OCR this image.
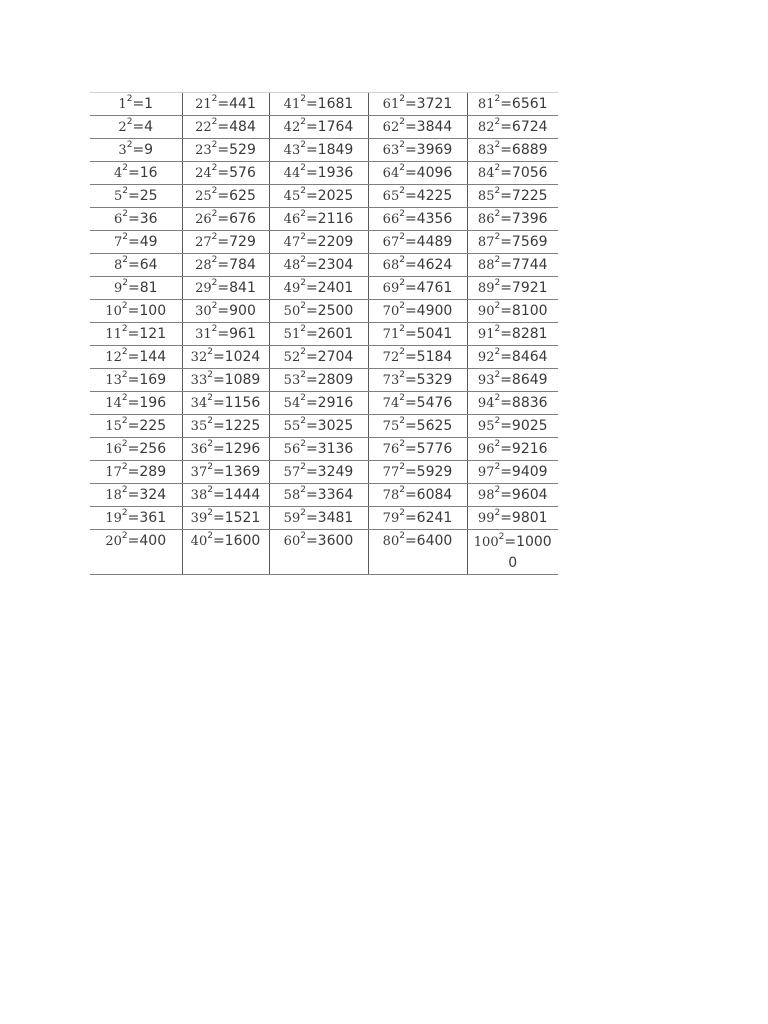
$1^2=1$	$21^2=441$	$41^2=1681$	$61^2=3721$	$81^2=6561$
$2^2=4$	$22^2=484$	$42^2=1764$	$62^2=3844$	$82^2=6724$
$3^2=9$	$23^2=529$	$43^2=1849$	$63^2=3969$	$83^2=6889$
$4^2=16$	$24^2=576$	$44^2=1936$	$64^2=4096$	$84^2=7056$
$5^2=25$	$25^2=625$	$45^2=2025$	$65^2=4225$	$85^2=7225$
$6^2=36$	$26^2=676$	$46^2=2116$	$66^2=4356$	$86^2=7396$
$7^2=49$	$27^2=729$	$47^2=2209$	$67^2=4489$	$87^2=7569$
$8^2=64$	$28^2=784$	$48^2=2304$	$68^2=4624$	$88^2=7744$
$9^2=81$	$29^2=841$	$49^2=2401$	$69^2=4761$	$89^2=7921$
$10^2=100$	$30^2=900$	$50^2=2500$	$70^2=4900$	$90^2=8100$
$11^2=121$	$31^2=961$	$51^2=2601$	$71^2=5041$	$91^2=8281$
$12^2=144$	$32^2=1024$	$52^2=2704$	$72^2=5184$	$92^2=8464$
$13^2=169$	$33^2=1089$	$53^2=2809$	$73^2=5329$	$93^2=8649$
$14^2=196$	$34^2=1156$	$54^2=2916$	$74^2=5476$	$94^2=8836$
$15^2=225$	$35^2=1225$	$55^2=3025$	$75^2=5625$	$95^2=9025$
$16^2=256$	$36^2=1296$	$56^2=3136$	$76^2=5776$	$96^2=9216$
$17^2=289$	$37^2=1369$	$57^2=3249$	$77^2=5929$	$97^2=9409$
$18^2=324$	$38^2=1444$	$58^2=3364$	$78^2=6084$	$98^2=9604$
$19^2=361$	$39^2=1521$	$59^2=3481$	$79^2=6241$	$99^2=9801$
$20^2=400$	$40^2=1600$	$60^2=3600$	$80^2=6400$	$100^2=10000$
